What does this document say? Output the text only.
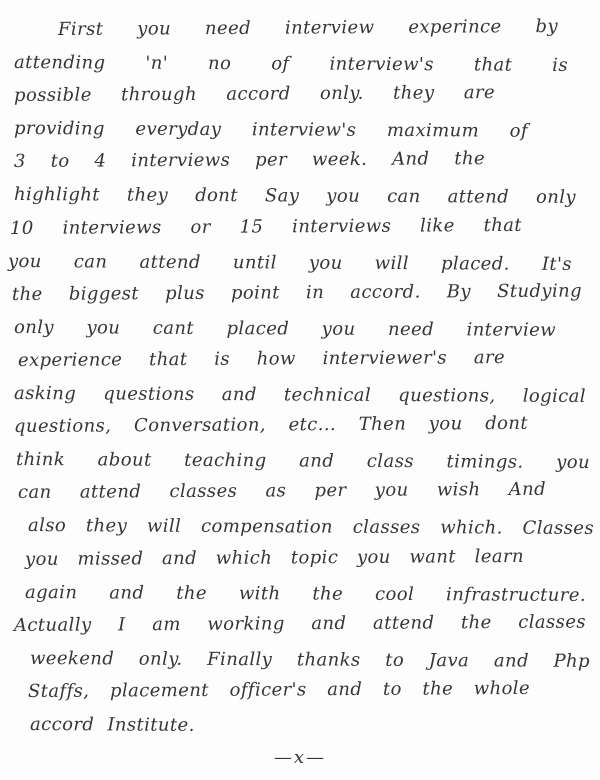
First you need interview experince by
attending 'n' no of interview's that is
possible through accord only. they are
providing everyday interview's maximum of
3 to 4 interviews per week. And the
highlight they dont Say you can attend only
10 interviews or 15 interviews like that
you can attend until you will placed. It's
the biggest plus point in accord. By Studying
only you cant placed you need interview
experience that is how interviewer's are
asking questions and technical questions, logical
questions, Conversation, etc... Then you dont
think about teaching and class timings. you
can attend classes as per you wish And
also they will compensation classes which. Classes
you missed and which topic you want learn
again and the with the cool infrastructure.
Actually I am working and attend the classes
weekend only. Finally thanks to Java and Php
Staffs, placement officer's and to the whole
accord Institute.
—x—
